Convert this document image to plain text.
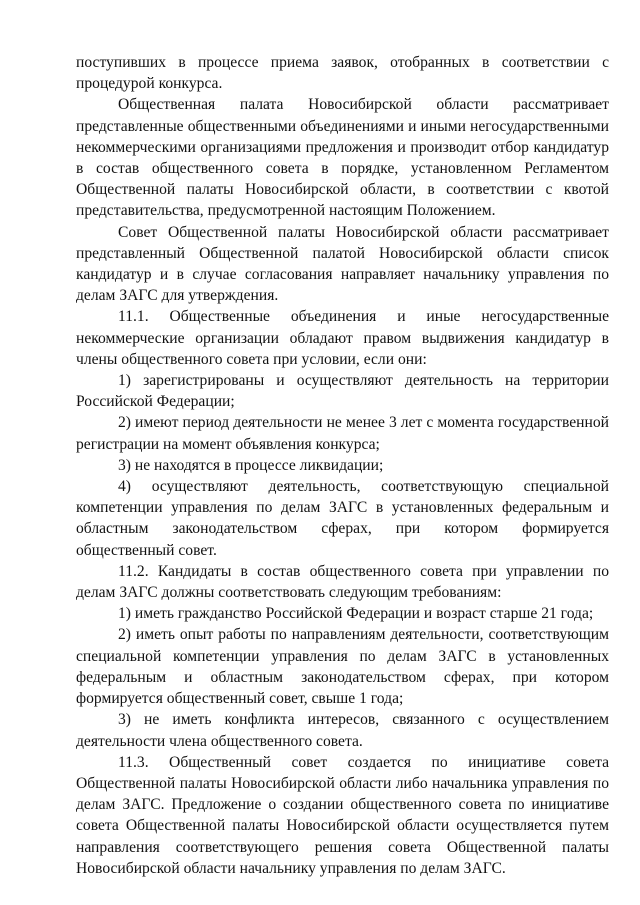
поступивших в процессе приема заявок, отобранных в соответствии с процедурой конкурса.

Общественная палата Новосибирской области рассматривает представленные общественными объединениями и иными негосударственными некоммерческими организациями предложения и производит отбор кандидатур в состав общественного совета в порядке, установленном Регламентом Общественной палаты Новосибирской области, в соответствии с квотой представительства, предусмотренной настоящим Положением.

Совет Общественной палаты Новосибирской области рассматривает представленный Общественной палатой Новосибирской области список кандидатур и в случае согласования направляет начальнику управления по делам ЗАГС для утверждения.

11.1. Общественные объединения и иные негосударственные некоммерческие организации обладают правом выдвижения кандидатур в члены общественного совета при условии, если они:

1) зарегистрированы и осуществляют деятельность на территории Российской Федерации;

2) имеют период деятельности не менее 3 лет с момента государственной регистрации на момент объявления конкурса;

3) не находятся в процессе ликвидации;

4) осуществляют деятельность, соответствующую специальной компетенции управления по делам ЗАГС в установленных федеральным и областным законодательством сферах, при котором формируется общественный совет.

11.2. Кандидаты в состав общественного совета при управлении по делам ЗАГС должны соответствовать следующим требованиям:

1) иметь гражданство Российской Федерации и возраст старше 21 года;

2) иметь опыт работы по направлениям деятельности, соответствующим специальной компетенции управления по делам ЗАГС в установленных федеральным и областным законодательством сферах, при котором формируется общественный совет, свыше 1 года;

3) не иметь конфликта интересов, связанного с осуществлением деятельности члена общественного совета.

11.3. Общественный совет создается по инициативе совета Общественной палаты Новосибирской области либо начальника управления по делам ЗАГС. Предложение о создании общественного совета по инициативе совета Общественной палаты Новосибирской области осуществляется путем направления соответствующего решения совета Общественной палаты Новосибирской области начальнику управления по делам ЗАГС.
